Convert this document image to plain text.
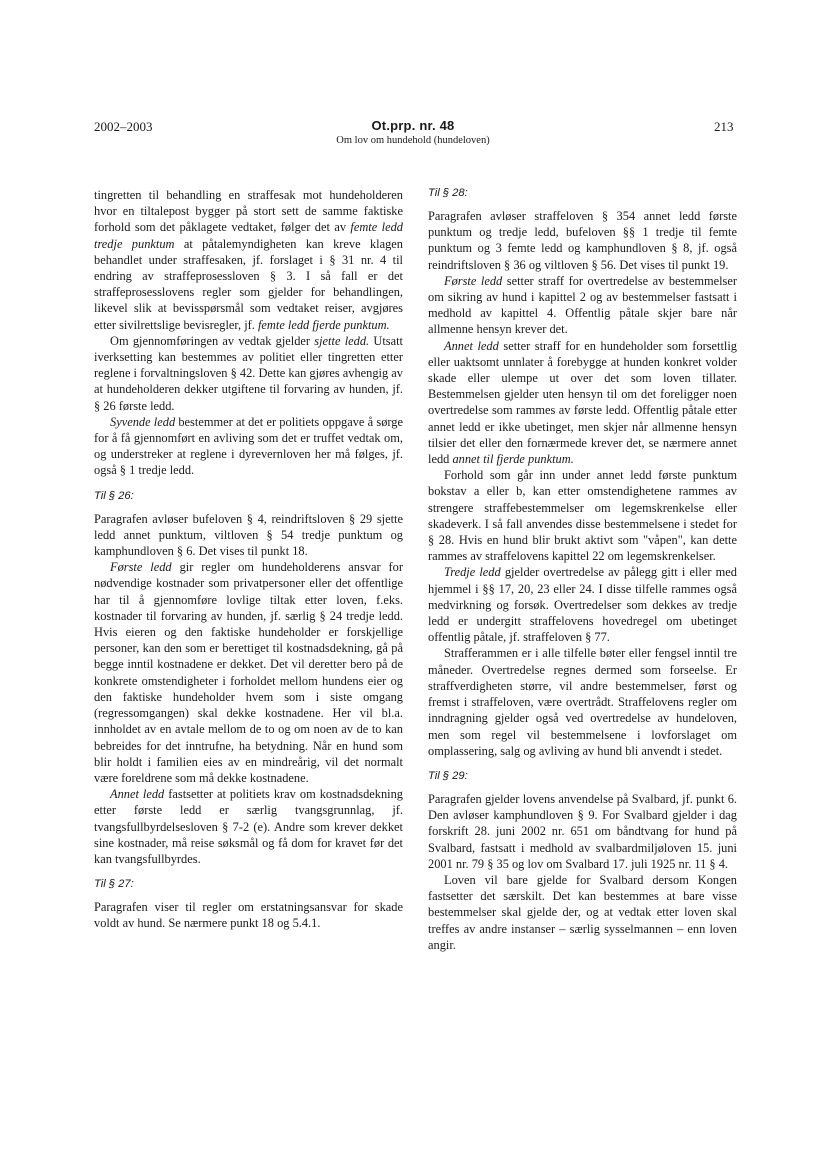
2002–2003	Ot.prp. nr. 48
Om lov om hundehold (hundeloven)
213

tingretten til behandling en straffesak mot hundeholderen hvor en tiltalepost bygger på stort sett de samme faktiske forhold som det påklagete vedtaket, følger det av femte ledd tredje punktum at påtalemyndigheten kan kreve klagen behandlet under straffesaken, jf. forslaget i § 31 nr. 4 til endring av straffeprosessloven § 3. I så fall er det straffeprosesslovens regler som gjelder for behandlingen, likevel slik at bevisspørsmål som vedtaket reiser, avgjøres etter sivilrettslige bevisregler, jf. femte ledd fjerde punktum.

Om gjennomføringen av vedtak gjelder sjette ledd. Utsatt iverksetting kan bestemmes av politiet eller tingretten etter reglene i forvaltningsloven § 42. Dette kan gjøres avhengig av at hundeholderen dekker utgiftene til forvaring av hunden, jf. § 26 første ledd.

Syvende ledd bestemmer at det er politiets oppgave å sørge for å få gjennomført en avliving som det er truffet vedtak om, og understreker at reglene i dyrevernloven her må følges, jf. også § 1 tredje ledd.

Til § 26:

Paragrafen avløser bufeloven § 4, reindriftsloven § 29 sjette ledd annet punktum, viltloven § 54 tredje punktum og kamphundloven § 6. Det vises til punkt 18.

Første ledd gir regler om hundeholderens ansvar for nødvendige kostnader som privatpersoner eller det offentlige har til å gjennomføre lovlige tiltak etter loven, f.eks. kostnader til forvaring av hunden, jf. særlig § 24 tredje ledd. Hvis eieren og den faktiske hundeholder er forskjellige personer, kan den som er berettiget til kostnadsdekning, gå på begge inntil kostnadene er dekket. Det vil deretter bero på de konkrete omstendigheter i forholdet mellom hundens eier og den faktiske hundeholder hvem som i siste omgang (regressomgangen) skal dekke kostnadene. Her vil bl.a. innholdet av en avtale mellom de to og om noen av de to kan bebreides for det inntrufne, ha betydning. Når en hund som blir holdt i familien eies av en mindreårig, vil det normalt være foreldrene som må dekke kostnadene.

Annet ledd fastsetter at politiets krav om kostnadsdekning etter første ledd er særlig tvangsgrunnlag, jf. tvangsfullbyrdelsesloven § 7-2 (e). Andre som krever dekket sine kostnader, må reise søksmål og få dom for kravet før det kan tvangsfullbyrdes.

Til § 27:

Paragrafen viser til regler om erstatningsansvar for skade voldt av hund. Se nærmere punkt 18 og 5.4.1.

Til § 28:

Paragrafen avløser straffeloven § 354 annet ledd første punktum og tredje ledd, bufeloven §§ 1 tredje til femte punktum og 3 femte ledd og kamphundloven § 8, jf. også reindriftsloven § 36 og viltloven § 56. Det vises til punkt 19.

Første ledd setter straff for overtredelse av bestemmelser om sikring av hund i kapittel 2 og av bestemmelser fastsatt i medhold av kapittel 4. Offentlig påtale skjer bare når allmenne hensyn krever det.

Annet ledd setter straff for en hundeholder som forsettlig eller uaktsomt unnlater å forebygge at hunden konkret volder skade eller ulempe ut over det som loven tillater. Bestemmelsen gjelder uten hensyn til om det foreligger noen overtredelse som rammes av første ledd. Offentlig påtale etter annet ledd er ikke ubetinget, men skjer når allmenne hensyn tilsier det eller den fornærmede krever det, se nærmere annet ledd annet til fjerde punktum.

Forhold som går inn under annet ledd første punktum bokstav a eller b, kan etter omstendighetene rammes av strengere straffebestemmelser om legemskrenkelse eller skadeverk. I så fall anvendes disse bestemmelsene i stedet for § 28. Hvis en hund blir brukt aktivt som "våpen", kan dette rammes av straffelovens kapittel 22 om legemskrenkelser.

Tredje ledd gjelder overtredelse av pålegg gitt i eller med hjemmel i §§ 17, 20, 23 eller 24. I disse tilfelle rammes også medvirkning og forsøk. Overtredelser som dekkes av tredje ledd er undergitt straffelovens hovedregel om ubetinget offentlig påtale, jf. straffeloven § 77.

Strafferammen er i alle tilfelle bøter eller fengsel inntil tre måneder. Overtredelse regnes dermed som forseelse. Er straffverdigheten større, vil andre bestemmelser, først og fremst i straffeloven, være overtrådt. Straffelovens regler om inndragning gjelder også ved overtredelse av hundeloven, men som regel vil bestemmelsene i lovforslaget om omplassering, salg og avliving av hund bli anvendt i stedet.

Til § 29:

Paragrafen gjelder lovens anvendelse på Svalbard, jf. punkt 6. Den avløser kamphundloven § 9. For Svalbard gjelder i dag forskrift 28. juni 2002 nr. 651 om båndtvang for hund på Svalbard, fastsatt i medhold av svalbardmiljøloven 15. juni 2001 nr. 79 § 35 og lov om Svalbard 17. juli 1925 nr. 11 § 4.

Loven vil bare gjelde for Svalbard dersom Kongen fastsetter det særskilt. Det kan bestemmes at bare visse bestemmelser skal gjelde der, og at vedtak etter loven skal treffes av andre instanser – særlig sysselmannen – enn loven angir.
